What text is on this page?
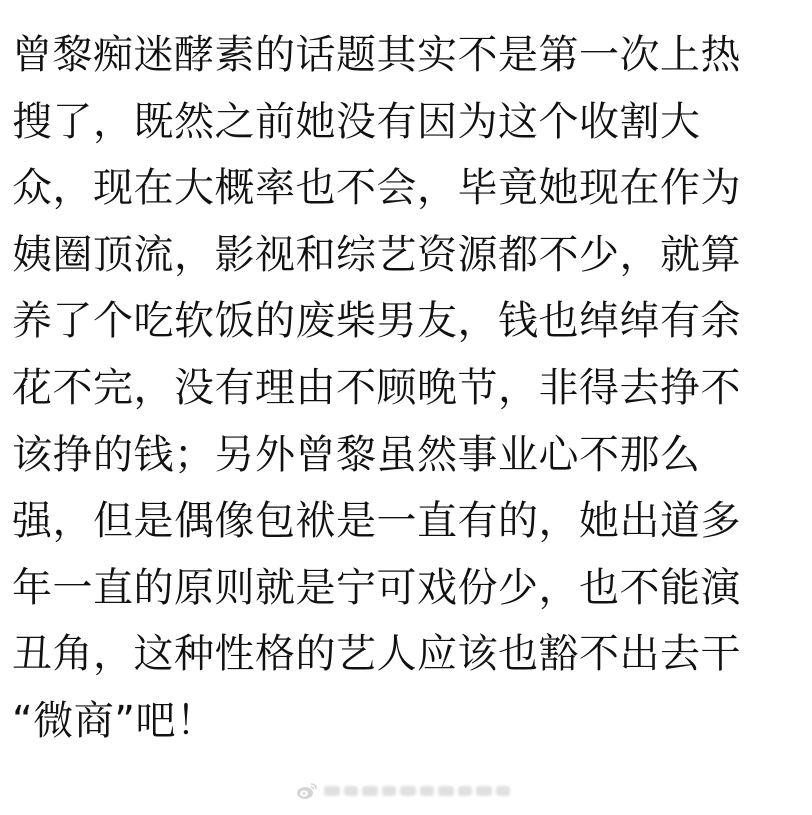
曾黎痴迷酵素的话题其实不是第一次上热
搜了，既然之前她没有因为这个收割大
众，现在大概率也不会，毕竟她现在作为
姨圈顶流，影视和综艺资源都不少，就算
养了个吃软饭的废柴男友，钱也绰绰有余
花不完，没有理由不顾晚节，非得去挣不
该挣的钱；另外曾黎虽然事业心不那么
强，但是偶像包袱是一直有的，她出道多
年一直的原则就是宁可戏份少，也不能演
丑角，这种性格的艺人应该也豁不出去干
“微商”吧！
